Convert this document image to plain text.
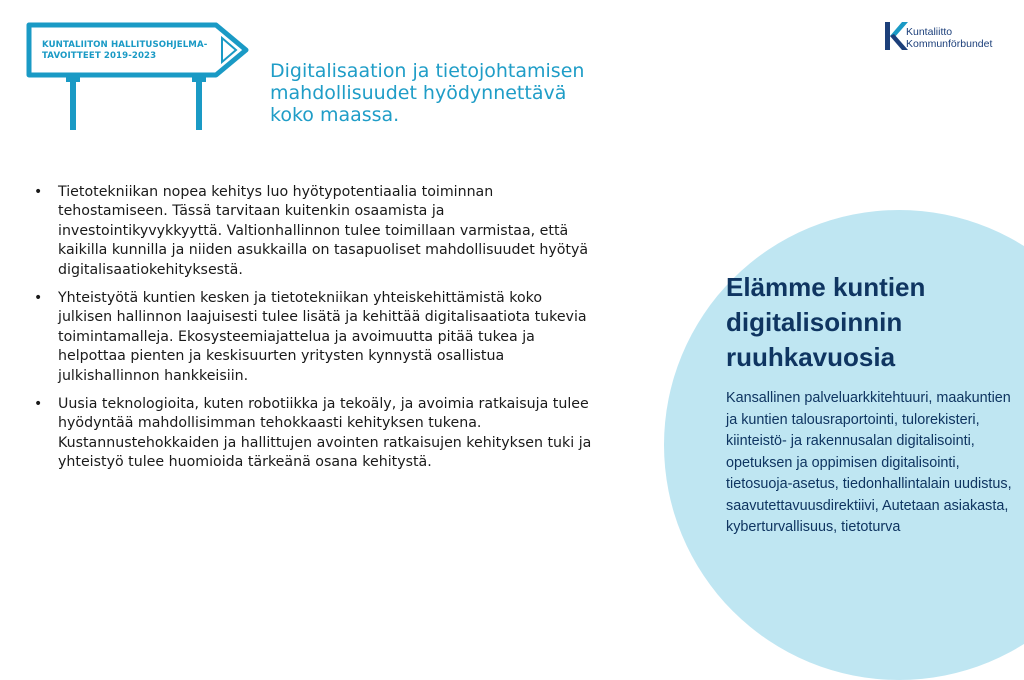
KUNTALIITON HALLITUSOHJELMA-
TAVOITTEET 2019-2023
Kuntaliitto
Kommunförbundet
Digitalisaation ja tietojohtamisen
mahdollisuudet hyödynnettävä
koko maassa.
• Tietotekniikan nopea kehitys luo hyötypotentiaalia toiminnan tehostamiseen. Tässä tarvitaan kuitenkin osaamista ja investointikyvykkyyttä. Valtionhallinnon tulee toimillaan varmistaa, että kaikilla kunnilla ja niiden asukkailla on tasapuoliset mahdollisuudet hyötyä digitalisaatiokehityksestä.
• Yhteistyötä kuntien kesken ja tietotekniikan yhteiskehittämistä koko julkisen hallinnon laajuisesti tulee lisätä ja kehittää digitalisaatiota tukevia toimintamalleja. Ekosysteemiajattelua ja avoimuutta pitää tukea ja helpottaa pienten ja keskisuurten yritysten kynnystä osallistua julkishallinnon hankkeisiin.
• Uusia teknologioita, kuten robotiikka ja tekoäly, ja avoimia ratkaisuja tulee hyödyntää mahdollisimman tehokkaasti kehityksen tukena. Kustannustehokkaiden ja hallittujen avointen ratkaisujen kehityksen tuki ja yhteistyö tulee huomioida tärkeänä osana kehitystä.
Elämme kuntien digitalisoinnin ruuhkavuosia
Kansallinen palveluarkkitehtuuri, maakuntien ja kuntien talousraportointi, tulorekisteri, kiinteistö- ja rakennusalan digitalisointi, opetuksen ja oppimisen digitalisointi, tietosuoja-asetus, tiedonhallintalain uudistus, saavutettavuusdirektiivi, Autetaan asiakasta, kyberturvallisuus, tietoturva
